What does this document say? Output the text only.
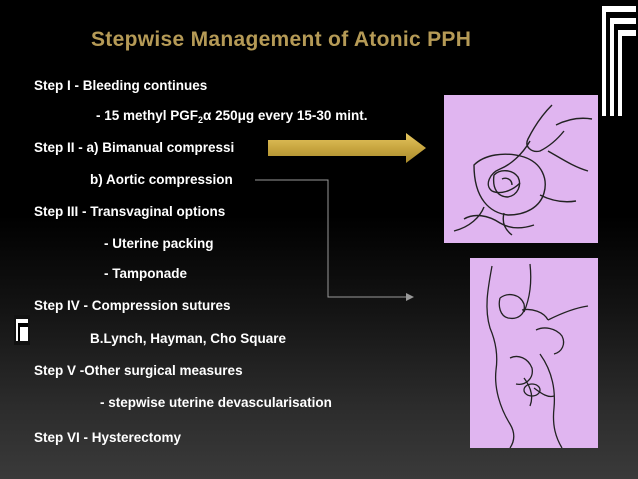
Stepwise Management of Atonic PPH
Step I - Bleeding continues
- 15 methyl $PGF_2\alpha$ 250μg every 15-30 mint.
Step II - a) Bimanual compressi
b) Aortic compression
Step III - Transvaginal options
- Uterine packing
- Tamponade
Step IV - Compression sutures
B.Lynch, Hayman, Cho Square
Step V -Other surgical measures
- stepwise uterine devascularisation
Step VI - Hysterectomy
